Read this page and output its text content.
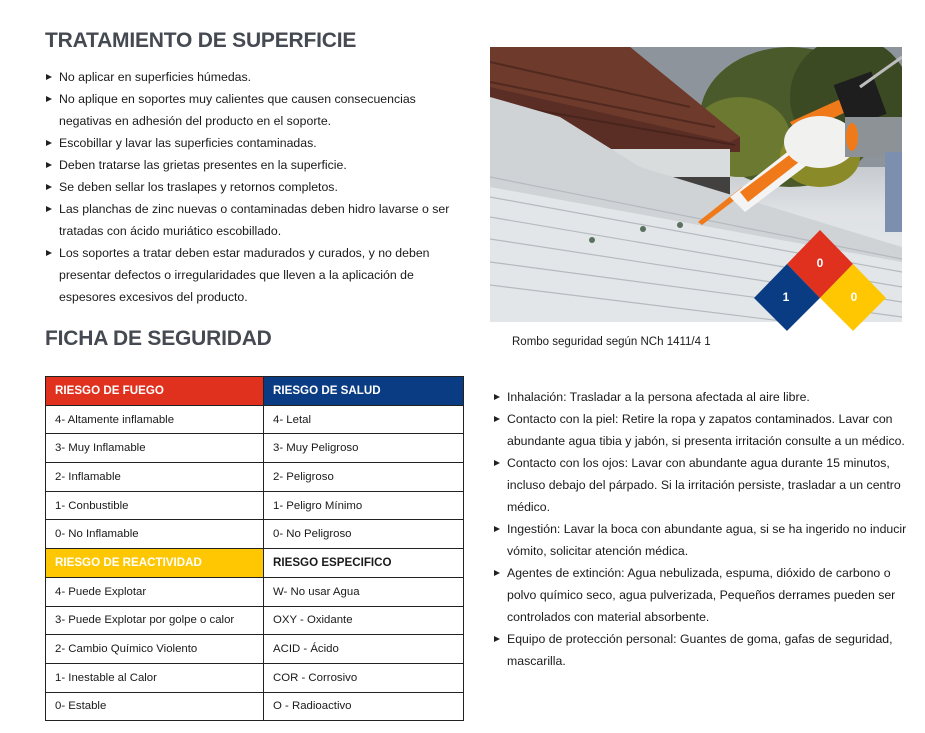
TRATAMIENTO DE SUPERFICIE
No aplicar en superficies húmedas.
No aplique en soportes muy calientes que causen consecuencias negativas en adhesión del producto en el soporte.
Escobillar y lavar las superficies contaminadas.
Deben tratarse las grietas presentes en la superficie.
Se deben sellar los traslapes y retornos completos.
Las planchas de zinc nuevas o contaminadas deben hidro lavarse o ser tratadas con ácido muriático escobillado.
Los soportes a tratar deben estar madurados y curados, y no deben presentar defectos o irregularidades que lleven a la aplicación de espesores excesivos del producto.
FICHA DE SEGURIDAD
RIESGO DE FUEGO	RIESGO DE SALUD
4- Altamente inflamable	4- Letal
3- Muy Inflamable	3- Muy Peligroso
2- Inflamable	2- Peligroso
1- Conbustible	1- Peligro Mínimo
0- No Inflamable	0- No Peligroso
RIESGO DE REACTIVIDAD	RIESGO ESPECIFICO
4- Puede Explotar	W- No usar Agua
3- Puede Explotar por golpe o calor	OXY - Oxidante
2- Cambio Químico Violento	ACID - Ácido
1- Inestable al Calor	COR - Corrosivo
0- Estable	O - Radioactivo
0
1	0
Rombo seguridad según NCh 1411/4 1
Inhalación: Trasladar a la persona afectada al aire libre.
Contacto con la piel: Retire la ropa y zapatos contaminados. Lavar con abundante agua tibia y jabón, si presenta irritación consulte a un médico.
Contacto con los ojos: Lavar con abundante agua durante 15 minutos, incluso debajo del párpado. Si la irritación persiste, trasladar a un centro médico.
Ingestión: Lavar la boca con abundante agua, si se ha ingerido no inducir vómito, solicitar atención médica.
Agentes de extinción: Agua nebulizada, espuma, dióxido de carbono o polvo químico seco, agua pulverizada, Pequeños derrames pueden ser controlados con material absorbente.
Equipo de protección personal: Guantes de goma, gafas de seguridad, mascarilla.
